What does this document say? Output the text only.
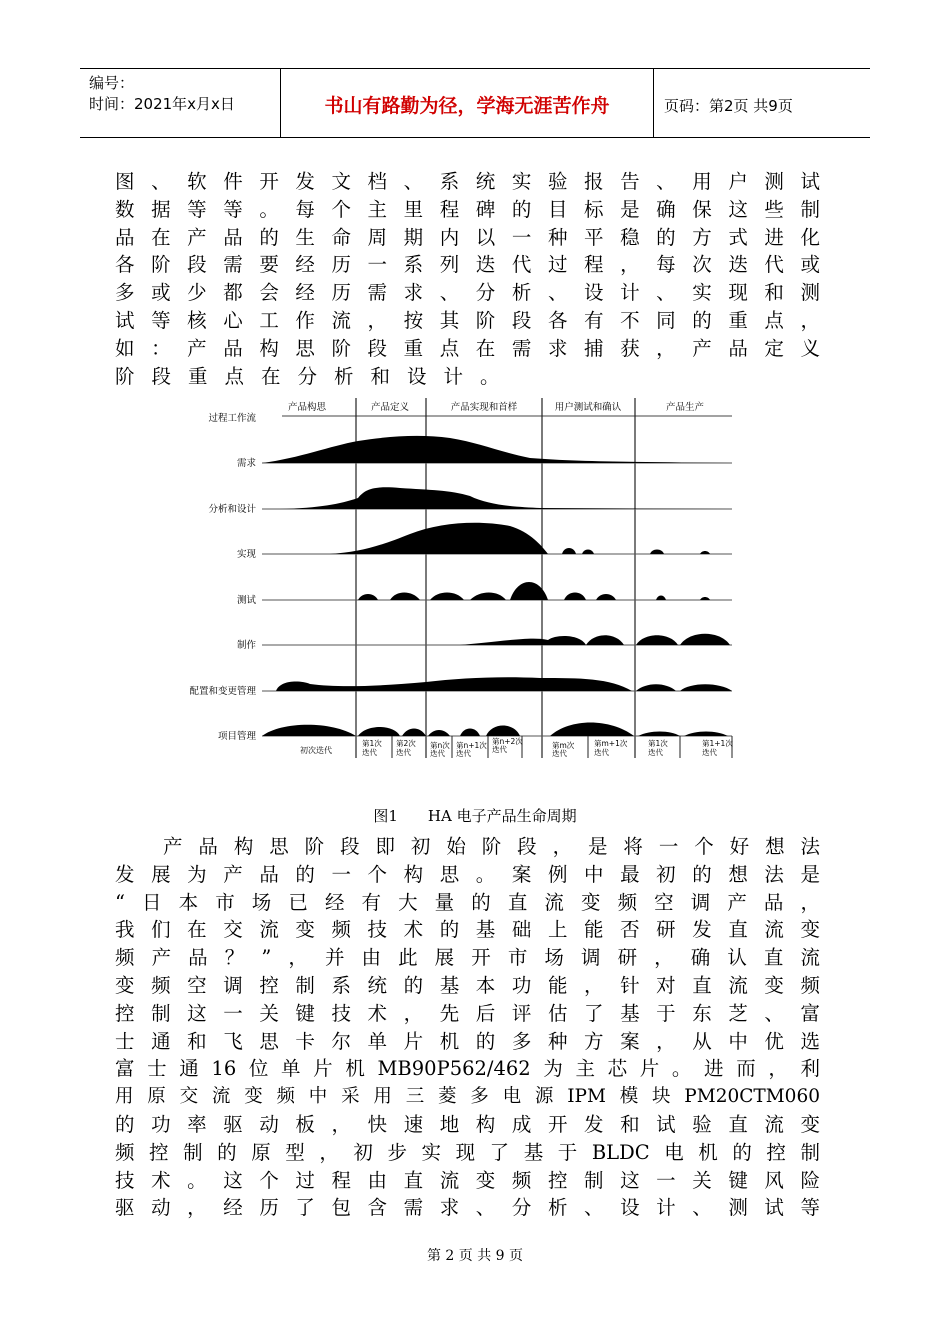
编号：
时间：2021年x月x日	书山有路勤为径，学海无涯苦作舟	页码：第2页 共9页
图、软件开发文档、系统实验报告、用户测试
数据等等。每个主里程碑的目标是确保这些制
品在产品的生命周期内以一种平稳的方式进化
各阶段需要经历一系列迭代过程，每次迭代或
多或少都会经历需求、分析、设计、实现和测
试等核心工作流，按其阶段各有不同的重点，
如：产品构思阶段重点在需求捕获，产品定义
阶段重点在分析和设计。
产品构思	产品定义	产品实现和首样	用户测试和确认	产品生产
过程工作流
需求
分析和设计
实现
测试
制作
配置和变更管理
项目管理
初次迭代
第1次
迭代
第2次
迭代
第n次
迭代
第n+1次
迭代
第n+2次
迭代	第m次
迭代
第m+1次
迭代
第1次
迭代
第1+1次
迭代
图1　　HA 电子产品生命周期
产品构思阶段即初始阶段，是将一个好想法
发展为产品的一个构思。案例中最初的想法是
“日本市场已经有大量的直流变频空调产品，
我们在交流变频技术的基础上能否研发直流变
频产品？”，并由此展开市场调研，确认直流
变频空调控制系统的基本功能，针对直流变频
控制这一关键技术，先后评估了基于东芝、富
士通和飞思卡尔单片机的多种方案，从中优选
富士通16位单片机MB90P562/462为主芯片。进而，利
用原交流变频中采用三菱多电源IPM模块PM20CTM060
的功率驱动板，快速地构成开发和试验直流变
频控制的原型，初步实现了基于BLDC电机的控制
技术。这个过程由直流变频控制这一关键风险
驱动，经历了包含需求、分析、设计、测试等
第 2 页 共 9 页
